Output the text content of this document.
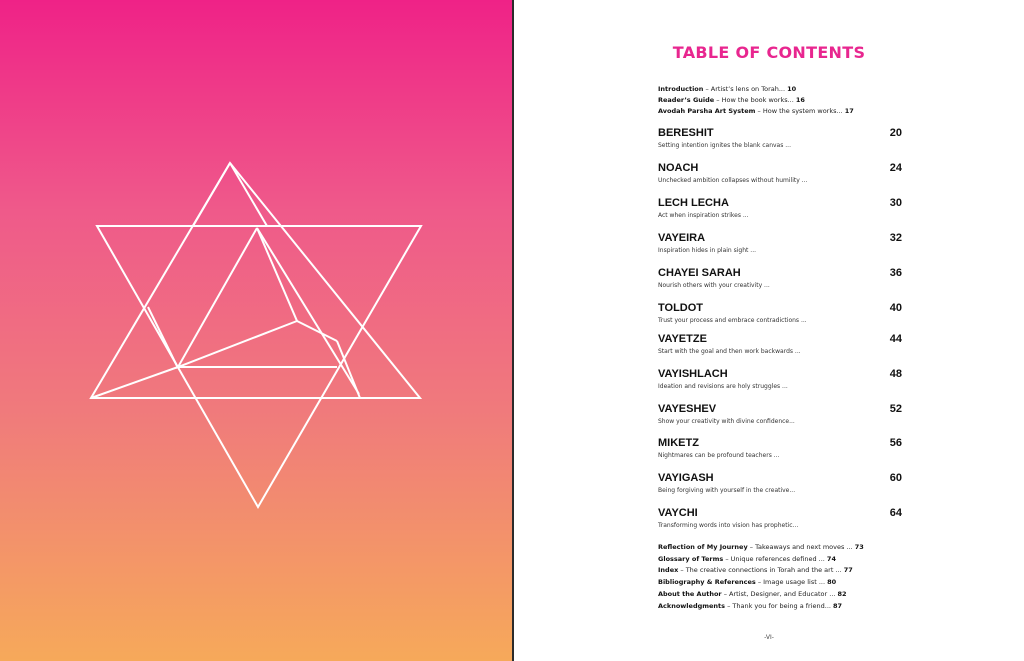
TABLE OF CONTENTS
Introduction – Artist’s lens on Torah... 10
Reader’s Guide – How the book works... 16
Avodah Parsha Art System – How the system works... 17
BERESHIT	20
Setting intention ignites the blank canvas ...
NOACH	24
Unchecked ambition collapses without humility ...
LECH LECHA	30
Act when inspiration strikes ...
VAYEIRA	32
Inspiration hides in plain sight ...
CHAYEI SARAH	36
Nourish others with your creativity ...
TOLDOT	40
Trust your process and embrace contradictions ...
VAYETZE	44
Start with the goal and then work backwards ...
VAYISHLACH	48
Ideation and revisions are holy struggles ...
VAYESHEV	52
Show your creativity with divine confidence...
MIKETZ	56
Nightmares can be profound teachers ...
VAYIGASH	60
Being forgiving with yourself in the creative...
VAYCHI	64
Transforming words into vision has prophetic...
Reflection of My Journey – Takeaways and next moves ... 73
Glossary of Terms – Unique references defined ... 74
Index – The creative connections in Torah and the art ... 77
Bibliography & References – Image usage list ... 80
About the Author – Artist, Designer, and Educator ... 82
Acknowledgments – Thank you for being a friend... 87
-VI-
